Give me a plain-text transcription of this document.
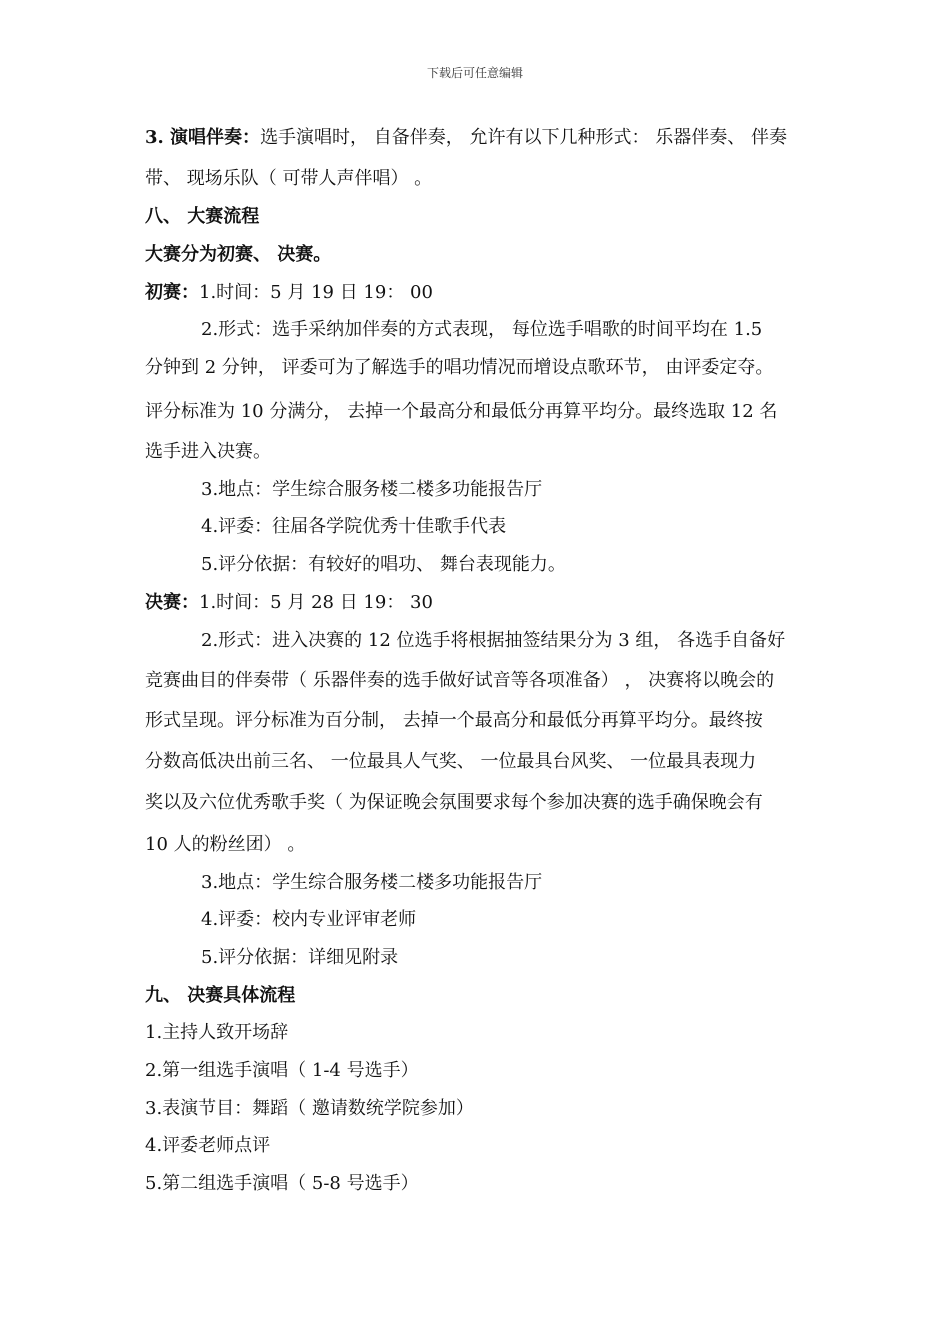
下载后可任意编辑
3. 演唱伴奏：选手演唱时， 自备伴奏， 允许有以下几种形式： 乐器伴奏、 伴奏
带、 现场乐队（ 可带人声伴唱） 。
八、 大赛流程
大赛分为初赛、 决赛。
初赛：1.时间：5 月 19 日 19： 00
2.形式：选手采纳加伴奏的方式表现， 每位选手唱歌的时间平均在 1.5
分钟到 2 分钟， 评委可为了解选手的唱功情况而增设点歌环节， 由评委定夺。
评分标准为 10 分满分， 去掉一个最高分和最低分再算平均分。最终选取 12 名
选手进入决赛。
3.地点：学生综合服务楼二楼多功能报告厅
4.评委：往届各学院优秀十佳歌手代表
5.评分依据：有较好的唱功、 舞台表现能力。
决赛：1.时间：5 月 28 日 19： 30
2.形式：进入决赛的 12 位选手将根据抽签结果分为 3 组， 各选手自备好
竞赛曲目的伴奏带（ 乐器伴奏的选手做好试音等各项准备） ， 决赛将以晚会的
形式呈现。评分标准为百分制， 去掉一个最高分和最低分再算平均分。最终按
分数高低决出前三名、 一位最具人气奖、 一位最具台风奖、 一位最具表现力
奖以及六位优秀歌手奖（ 为保证晚会氛围要求每个参加决赛的选手确保晚会有
10 人的粉丝团） 。
3.地点：学生综合服务楼二楼多功能报告厅
4.评委：校内专业评审老师
5.评分依据：详细见附录
九、 决赛具体流程
1.主持人致开场辞
2.第一组选手演唱（ 1-4 号选手）
3.表演节目：舞蹈（ 邀请数统学院参加）
4.评委老师点评
5.第二组选手演唱（ 5-8 号选手）
